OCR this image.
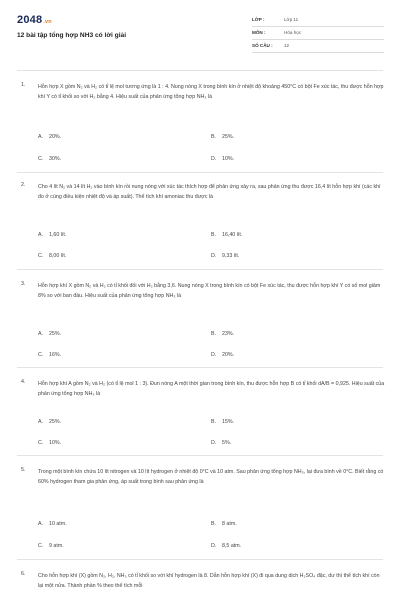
2048.vn
12 bài tập tổng hợp NH3 có lời giải
LỚP :	Lớp 11
MÔN :	Hóa học
SỐ CÂU : 12
1. Hỗn hợp X gồm N₂ và H₂ có tỉ lệ mol tương ứng là 1 : 4. Nung nóng X trong bình kín ở nhiệt độ khoảng 450°C có bột Fe xúc tác, thu được hỗn hợp khí Y có tỉ khối so với H₂ bằng 4. Hiệu suất của phản ứng tổng hợp NH₃ là
A. 20%.	B. 25%.
C. 30%.	D. 10%.
2. Cho 4 lít N₂ và 14 lít H₂ vào bình kín rồi nung nóng với xúc tác thích hợp để phản ứng xảy ra, sau phản ứng thu được 16,4 lít hỗn hợp khí (các khí đo ở cùng điều kiện nhiệt độ và áp suất). Thể tích khí amoniac thu được là
A. 1,60 lít.	B. 16,40 lít.
C. 8,00 lít.	D. 9,33 lít.
3. Hỗn hợp khí X gồm N₂ và H₂ có tỉ khối đối với H₂ bằng 3,6. Nung nóng X trong bình kín có bột Fe xúc tác, thu được hỗn hợp khí Y có số mol giảm 8% so với ban đầu. Hiệu suất của phản ứng tổng hợp NH₃ là
A. 25%.	B. 23%.
C. 16%.	D. 20%.
4. Hỗn hợp khí A gồm N₂ và H₂ (có tỉ lệ mol 1 : 3). Đun nóng A một thời gian trong bình kín, thu được hỗn hợp B có tỉ khối dA/B = 0,925. Hiệu suất của phản ứng tổng hợp NH₃ là
A. 25%.	B. 15%.
C. 10%.	D. 5%.
5. Trong một bình kín chứa 10 lít nitrogen và 10 lít hydrogen ở nhiệt độ 0°C và 10 atm. Sau phản ứng tổng hợp NH₃, lại đưa bình về 0°C. Biết rằng có 60% hydrogen tham gia phản ứng, áp suất trong bình sau phản ứng là
A. 10 atm.	B. 8 atm.
C. 9 atm.	D. 8,5 atm.
6. Cho hỗn hợp khí (X) gồm N₂, H₂, NH₃ có tỉ khối so với khí hydrogen là 8. Dẫn hỗn hợp khí (X) đi qua dung dịch H₂SO₄ đặc, dư thì thể tích khí còn lại một nửa. Thành phần % theo thể tích mỗi
